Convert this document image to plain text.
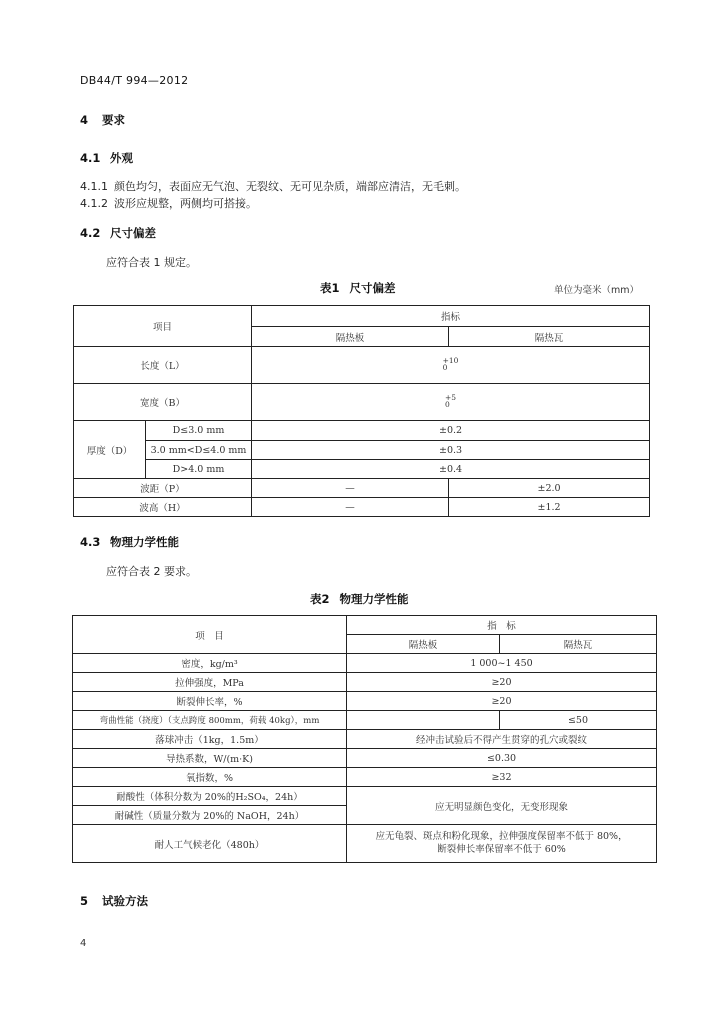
DB44/T 994—2012
4 要求
4.1 外观
4.1.1 颜色均匀，表面应无气泡、无裂纹、无可见杂质，端部应清洁，无毛刺。
4.1.2 波形应规整，两侧均可搭接。
4.2 尺寸偏差
应符合表 1 规定。
表1 尺寸偏差	单位为毫米（mm）
项目		指标	
		隔热板	隔热瓦
长度（L）		+10
0	

宽度（B）		+5
0	

厚度（D）	D≤3.0 mm	±0.2	
	3.0 mm<D≤4.0 mm	±0.3	
	D>4.0 mm	±0.4	
波距（P）		—	±2.0
波高（H）		—	±1.2
4.3 物理力学性能
应符合表 2 要求。
表2 物理力学性能
项　目	指　标	
	隔热板	隔热瓦
密度，kg/m³	1 000~1 450	
拉伸强度，MPa	≥20	
断裂伸长率，%	≥20	
弯曲性能（挠度）（支点跨度 800mm，荷载 40kg），mm		≤50
落球冲击（1kg，1.5m）	经冲击试验后不得产生贯穿的孔穴或裂纹	
导热系数，W/(m·K)	≤0.30	
氧指数，%	≥32	
耐酸性（体积分数为 20%的H₂SO₄，24h）	应无明显颜色变化，无变形现象	
耐碱性（质量分数为 20%的 NaOH，24h）		
耐人工气候老化（480h）	应无龟裂、斑点和粉化现象，拉伸强度保留率不低于 80%，
断裂伸长率保留率不低于 60%	
5 试验方法
4
